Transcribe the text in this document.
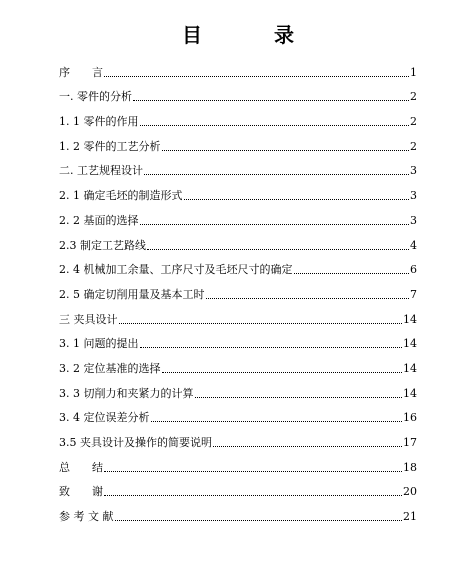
目　录
序　　言	1
一. 零件的分析	2
1. 1 零件的作用	2
1. 2 零件的工艺分析	2
二. 工艺规程设计	3
2. 1 确定毛坯的制造形式	3
2. 2 基面的选择	3
2.3 制定工艺路线	4
2. 4 机械加工余量、工序尺寸及毛坯尺寸的确定	6
2. 5 确定切削用量及基本工时	7
三 夹具设计	14
3. 1 问题的提出	14
3. 2 定位基准的选择	14
3. 3 切削力和夹紧力的计算	14
3. 4 定位误差分析	16
3.5 夹具设计及操作的简要说明	17
总　　结	18
致　　谢	20
参 考 文 献	21
